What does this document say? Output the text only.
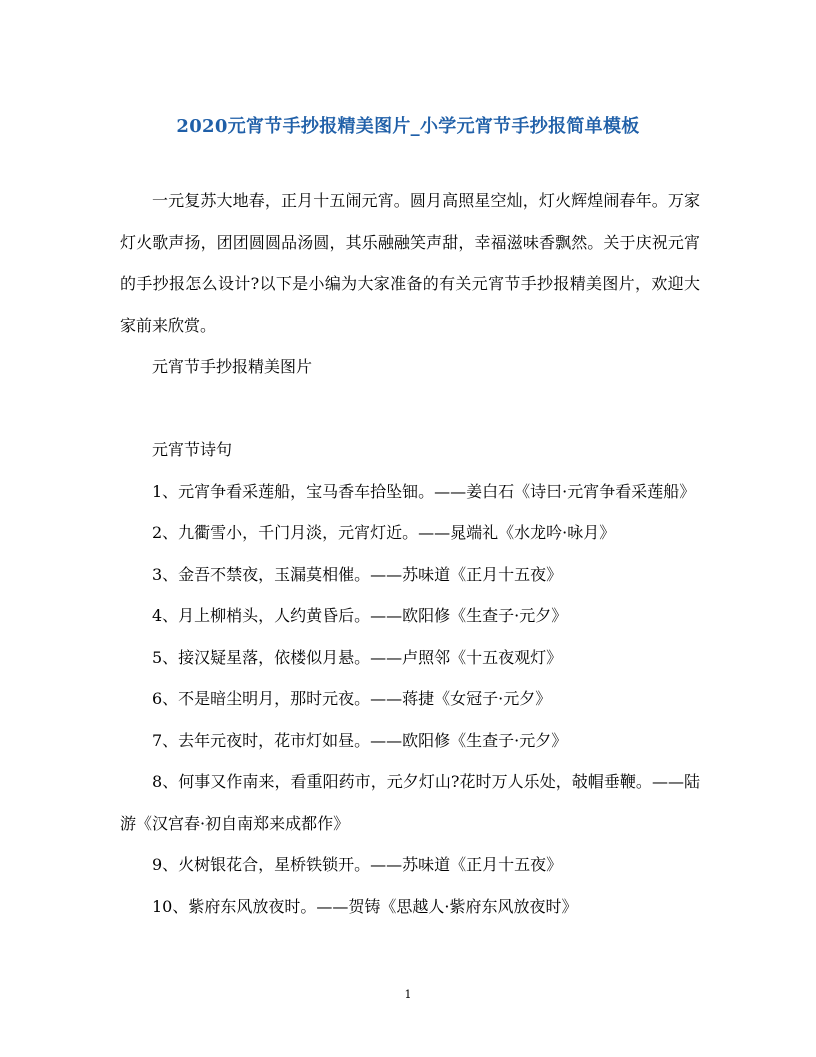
2020元宵节手抄报精美图片_小学元宵节手抄报简单模板

一元复苏大地春，正月十五闹元宵。圆月高照星空灿，灯火辉煌闹春年。万家灯火歌声扬，团团圆圆品汤圆，其乐融融笑声甜，幸福滋味香飘然。关于庆祝元宵的手抄报怎么设计?以下是小编为大家准备的有关元宵节手抄报精美图片，欢迎大家前来欣赏。

元宵节手抄报精美图片

元宵节诗句

1、元宵争看采莲船，宝马香车拾坠钿。——姜白石《诗曰·元宵争看采莲船》

2、九衢雪小，千门月淡，元宵灯近。——晁端礼《水龙吟·咏月》

3、金吾不禁夜，玉漏莫相催。——苏味道《正月十五夜》

4、月上柳梢头，人约黄昏后。——欧阳修《生查子·元夕》

5、接汉疑星落，依楼似月悬。——卢照邻《十五夜观灯》

6、不是暗尘明月，那时元夜。——蒋捷《女冠子·元夕》

7、去年元夜时，花市灯如昼。——欧阳修《生查子·元夕》

8、何事又作南来，看重阳药市，元夕灯山?花时万人乐处，攲帽垂鞭。——陆游《汉宫春·初自南郑来成都作》

9、火树银花合，星桥铁锁开。——苏味道《正月十五夜》

10、紫府东风放夜时。——贺铸《思越人·紫府东风放夜时》

1
